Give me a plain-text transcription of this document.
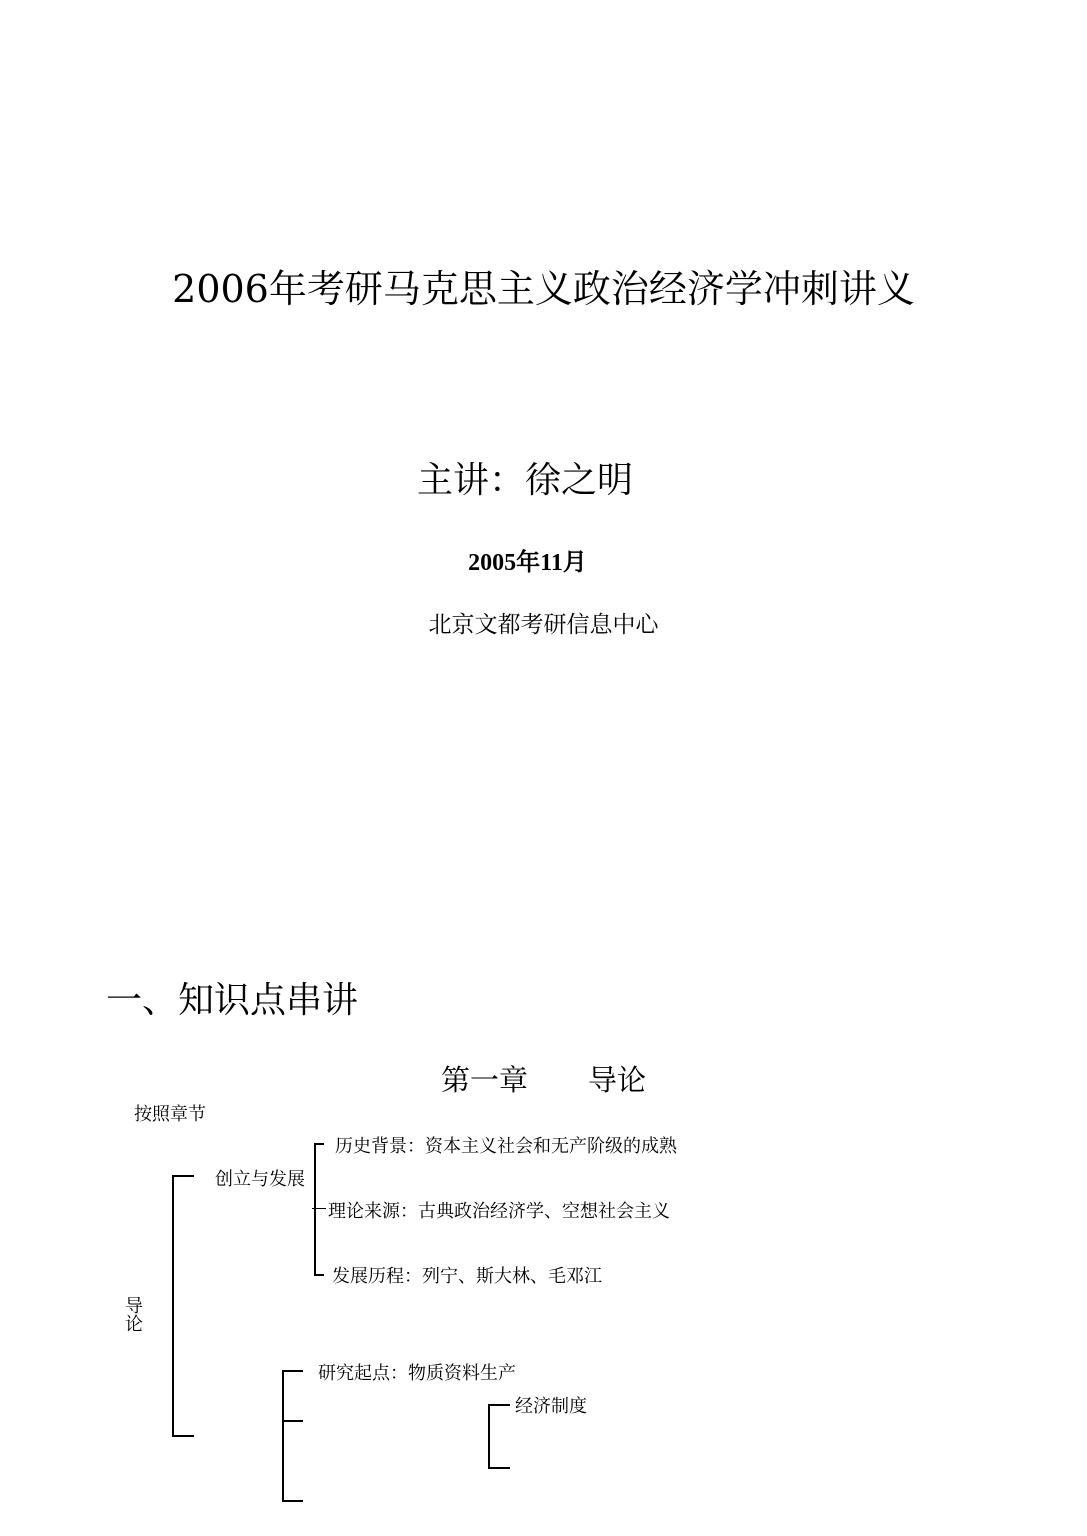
2006年考研马克思主义政治经济学冲刺讲义
主讲：徐之明
2005年11月
北京文都考研信息中心
一、知识点串讲
第一章 导论
按照章节
导论
创立与发展
历史背景：资本主义社会和无产阶级的成熟
理论来源：古典政治经济学、空想社会主义
发展历程：列宁、斯大林、毛邓江
研究起点：物质资料生产
经济制度
